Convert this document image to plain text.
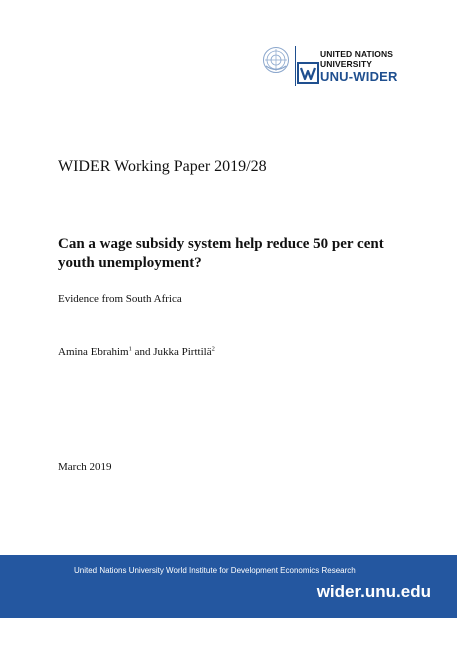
UNITED NATIONS
UNIVERSITY
UNU-WIDER
WIDER Working Paper 2019/28
Can a wage subsidy system help reduce 50 per cent youth unemployment?
Evidence from South Africa
Amina Ebrahim$^1$ and Jukka Pirttilä$^2$
March 2019
United Nations University World Institute for Development Economics Research
wider.unu.edu
